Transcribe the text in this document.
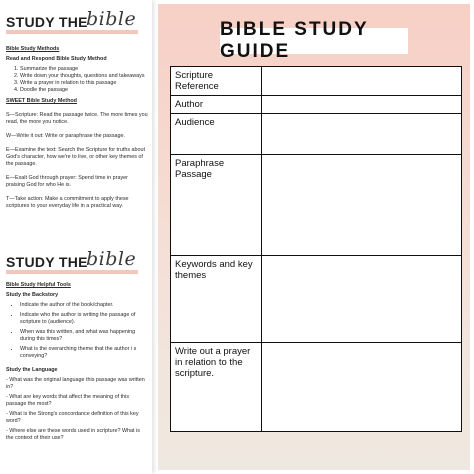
STUDY THE
bible

Bible Study Methods

Read and Respond Bible Study Method

1. Summarize the passage
2. Write down your thoughts, questions and takeaways
3. Write a prayer in relation to this passage
4. Doodle the passage

SWEET Bible Study Method

S—Scripture: Read the passage twice. The more times you read, the more you notice.

W—Write it out: Write or paraphrase the passage.

E—Examine the text: Search the Scripture for truths about God's character, how we're to live, or other key themes of the passage.

E—Exalt God through prayer: Spend time in prayer praising God for who He is.

T—Take action: Make a commitment to apply these scriptures to your everyday life in a practical way.

STUDY THE
bible

Bible Study Helpful Tools

Study the Backstory

• Indicate the author of the book/chapter.
• Indicate who the author is writing the passage of scripture to (audience).
• When was this written, and what was happening during this times?
• What is the overarching theme that the author i s conveying?

Study the Language

- What was the original language this passage was written in?

- What are key words that affect the meaning of this passage the most?

- What is the Strong's concordance definition of this key word?

- Where else are these words used in scripture? What is the context of their use?

BIBLE STUDY GUIDE
Scripture Reference	
Author	
Audience	
Paraphrase Passage	
Keywords and key themes	
Write out a prayer in relation to the scripture.	
